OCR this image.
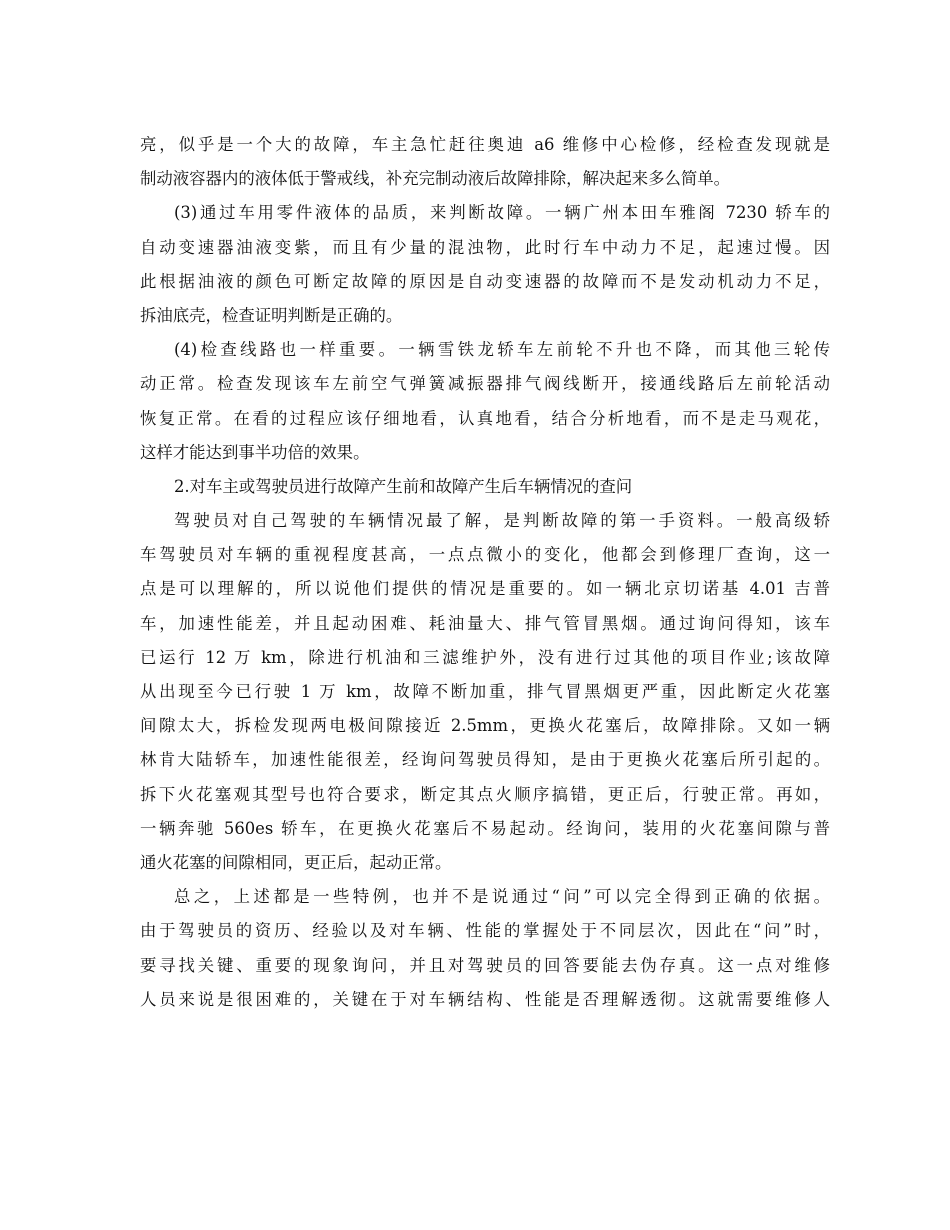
亮，似乎是一个大的故障，车主急忙赶往奥迪 a6 维修中心检修，经检查发现就是
制动液容器内的液体低于警戒线，补充完制动液后故障排除，解决起来多么简单。
(3)通过车用零件液体的品质，来判断故障。一辆广州本田车雅阁 7230 轿车的
自动变速器油液变紫，而且有少量的混浊物，此时行车中动力不足，起速过慢。因
此根据油液的颜色可断定故障的原因是自动变速器的故障而不是发动机动力不足，
拆油底壳，检查证明判断是正确的。
(4)检查线路也一样重要。一辆雪铁龙轿车左前轮不升也不降，而其他三轮传
动正常。检查发现该车左前空气弹簧减振器排气阀线断开，接通线路后左前轮活动
恢复正常。在看的过程应该仔细地看，认真地看，结合分析地看，而不是走马观花，
这样才能达到事半功倍的效果。
2.对车主或驾驶员进行故障产生前和故障产生后车辆情况的查问
驾驶员对自己驾驶的车辆情况最了解，是判断故障的第一手资料。一般高级轿
车驾驶员对车辆的重视程度甚高，一点点微小的变化，他都会到修理厂查询，这一
点是可以理解的，所以说他们提供的情况是重要的。如一辆北京切诺基 4.01 吉普
车，加速性能差，并且起动困难、耗油量大、排气管冒黑烟。通过询问得知，该车
已运行 12 万 km，除进行机油和三滤维护外，没有进行过其他的项目作业;该故障
从出现至今已行驶 1 万 km，故障不断加重，排气冒黑烟更严重，因此断定火花塞
间隙太大，拆检发现两电极间隙接近 2.5mm，更换火花塞后，故障排除。又如一辆
林肯大陆轿车，加速性能很差，经询问驾驶员得知，是由于更换火花塞后所引起的。
拆下火花塞观其型号也符合要求，断定其点火顺序搞错，更正后，行驶正常。再如，
一辆奔驰 560es 轿车，在更换火花塞后不易起动。经询问，装用的火花塞间隙与普
通火花塞的间隙相同，更正后，起动正常。
总之，上述都是一些特例，也并不是说通过“问”可以完全得到正确的依据。
由于驾驶员的资历、经验以及对车辆、性能的掌握处于不同层次，因此在“问”时，
要寻找关键、重要的现象询问，并且对驾驶员的回答要能去伪存真。这一点对维修
人员来说是很困难的，关键在于对车辆结构、性能是否理解透彻。这就需要维修人
